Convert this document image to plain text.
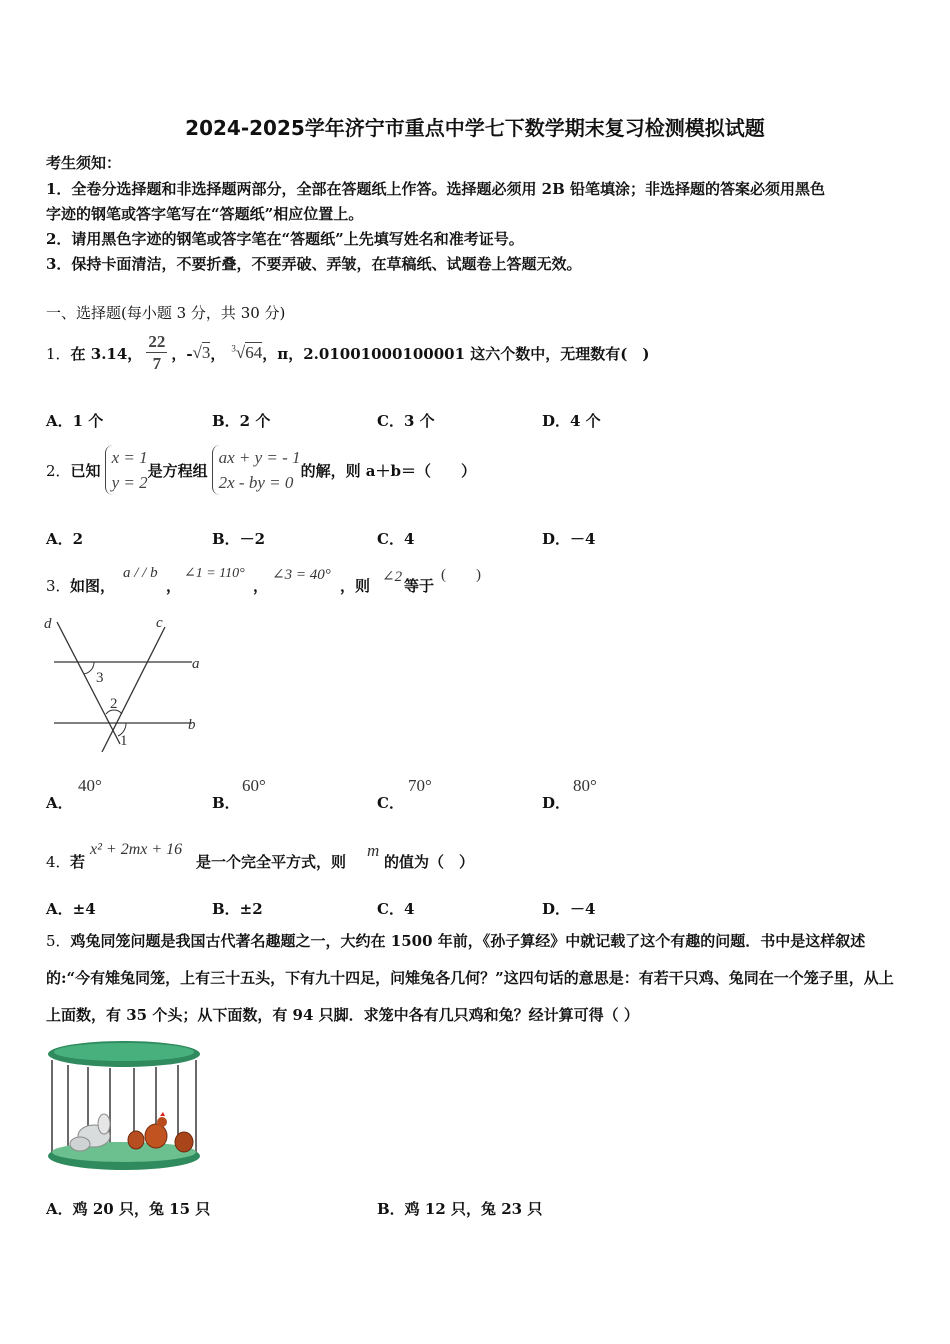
2024-2025学年济宁市重点中学七下数学期末复习检测模拟试题
考生须知：
1．全卷分选择题和非选择题两部分，全部在答题纸上作答。选择题必须用 2B 铅笔填涂；非选择题的答案必须用黑色
字迹的钢笔或答字笔写在“答题纸”相应位置上。
2．请用黑色字迹的钢笔或答字笔在“答题纸”上先填写姓名和准考证号。
3．保持卡面清洁，不要折叠，不要弄破、弄皱，在草稿纸、试题卷上答题无效。
一、选择题(每小题 3 分，共 30 分)
1． 在 3.14， $\frac{22}{7}$ ，- √3 ， $^3$√64 ，π，2.01001000100001 这六个数中，无理数有(　)
A．1 个	B．2 个	C．3 个	D．4 个
2． 已知
x = 1
y = 2
是方程组
ax + y = - 1
2x - by = 0
的解，则 a＋b＝（　　）
A．2	B．－2	C．4	D．－4
3． 如图，
a / / b
，
∠1 = 110°
，
∠3 = 40°
，则 ∠2 等于
(　　)
d	c
a
b
3
2
1
A．
40°
B．
60°
C．
70°
D．
80°
4． 若
x² + 2mx + 16
是一个完全平方式，则
m
的值为（　）
A．±4	B．±2	C．4	D．－4
5．鸡兔同笼问题是我国古代著名趣题之一，大约在 1500 年前，《孙子算经》中就记载了这个有趣的问题．书中是这样叙述的:“今有雉兔同笼，上有三十五头，下有九十四足，问雉兔各几何？”这四句话的意思是：有若干只鸡、兔同在一个笼子里，从上上面数，有 35 个头；从下面数，有 94 只脚．求笼中各有几只鸡和兔？经计算可得（ ）
A．鸡 20 只，兔 15 只	B．鸡 12 只，兔 23 只
